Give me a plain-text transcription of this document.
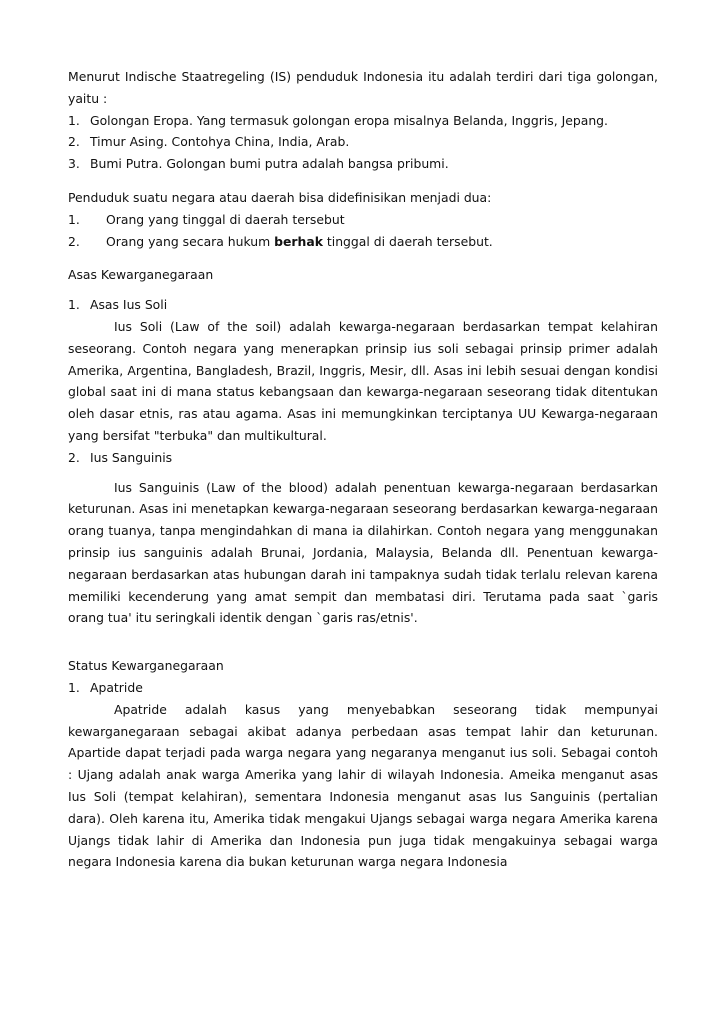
Menurut Indische Staatregeling (IS) penduduk Indonesia itu adalah terdiri dari tiga golongan, yaitu :

1. Golongan Eropa. Yang termasuk golongan eropa misalnya Belanda, Inggris, Jepang.
2. Timur Asing. Contohya China, India, Arab.
3. Bumi Putra. Golongan bumi putra adalah bangsa pribumi.

Penduduk suatu negara atau daerah bisa didefinisikan menjadi dua:

1.	Orang yang tinggal di daerah tersebut
2.	Orang yang secara hukum berhak tinggal di daerah tersebut.
Asas Kewarganegaraan
1. Asas Ius Soli

Ius Soli (Law of the soil) adalah kewarga-negaraan berdasarkan tempat kelahiran seseorang. Contoh negara yang menerapkan prinsip ius soli sebagai prinsip primer adalah Amerika, Argentina, Bangladesh, Brazil, Inggris, Mesir, dll. Asas ini lebih sesuai dengan kondisi global saat ini di mana status kebangsaan dan kewarga-negaraan seseorang tidak ditentukan oleh dasar etnis, ras atau agama. Asas ini memungkinkan terciptanya UU Kewarga-negaraan yang bersifat "terbuka" dan multikultural.

2. Ius Sanguinis

Ius Sanguinis (Law of the blood) adalah penentuan kewarga-negaraan berdasarkan keturunan. Asas ini menetapkan kewarga-negaraan seseorang berdasarkan kewarga-negaraan orang tuanya, tanpa mengindahkan di mana ia dilahirkan. Contoh negara yang menggunakan prinsip ius sanguinis adalah Brunai, Jordania, Malaysia, Belanda dll. Penentuan kewarga-negaraan berdasarkan atas hubungan darah ini tampaknya sudah tidak terlalu relevan karena memiliki kecenderung yang amat sempit dan membatasi diri. Terutama pada saat `garis orang tua' itu seringkali identik dengan `garis ras/etnis'.

Status Kewarganegaraan
1. Apatride

Apatride adalah kasus yang menyebabkan seseorang tidak mempunyai kewarganegaraan sebagai akibat adanya perbedaan asas tempat lahir dan keturunan. Apartide dapat terjadi pada warga negara yang negaranya menganut ius soli. Sebagai contoh : Ujang adalah anak warga Amerika yang lahir di wilayah Indonesia. Ameika menganut asas Ius Soli (tempat kelahiran), sementara Indonesia menganut asas Ius Sanguinis (pertalian dara). Oleh karena itu, Amerika tidak mengakui Ujangs sebagai warga negara Amerika karena Ujangs tidak lahir di Amerika dan Indonesia pun juga tidak mengakuinya sebagai warga negara Indonesia karena dia bukan keturunan warga negara Indonesia
